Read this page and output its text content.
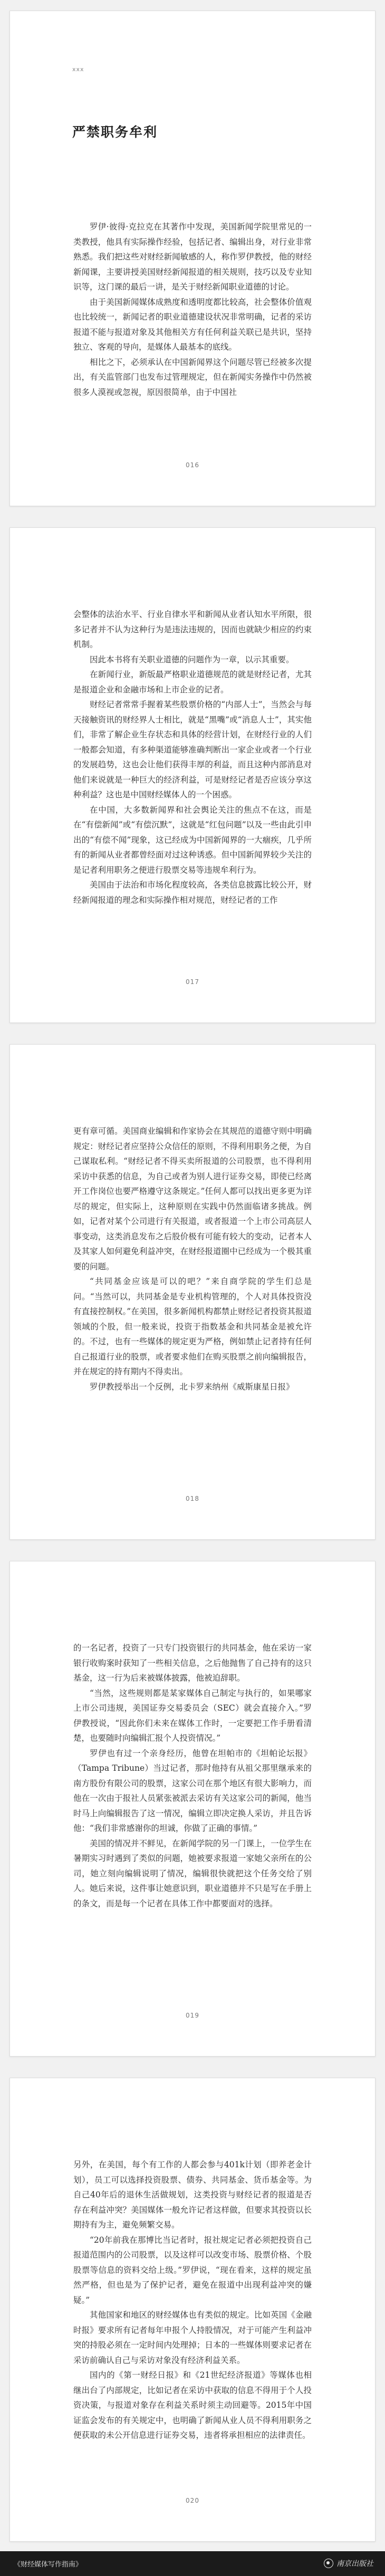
xxx
严禁职务牟利

罗伊·彼得·克拉克在其著作中发现，美国新闻学院里常见的一类教授，他具有实际操作经验，包括记者、编辑出身，对行业非常熟悉。我们把这些对财经新闻敏感的人，称作罗伊教授，他的财经新闻课，主要讲授美国财经新闻报道的相关规则，技巧以及专业知识等，这门课的最后一讲，是关于财经新闻职业道德的讨论。

由于美国新闻媒体成熟度和透明度都比较高，社会整体价值观也比较统一，新闻记者的职业道德建设状况非常明确，记者的采访报道不能与报道对象及其他相关方有任何利益关联已是共识，坚持独立、客观的导向，是媒体人最基本的底线。

相比之下，必须承认在中国新闻界这个问题尽管已经被多次提出，有关监管部门也发布过管理规定，但在新闻实务操作中仍然被很多人漠视或忽视，原因很简单，由于中国社

016

会整体的法治水平、行业自律水平和新闻从业者认知水平所限，很多记者并不认为这种行为是违法违规的，因而也就缺少相应的约束机制。

因此本书将有关职业道德的问题作为一章，以示其重要。

在新闻行业，新版最严格职业道德规范的就是财经记者，尤其是报道企业和金融市场和上市企业的记者。

财经记者常常手握着某些股票价格的“内部人士”，当然会与每天接触资讯的财经界人士相比，就是“黑嘴”或“消息人士”，其实他们，非常了解企业生存状态和具体的经营计划，在财经行业的人们一般都会知道，有多种渠道能够准确判断出一家企业或者一个行业的发展趋势，这也会让他们获得丰厚的利益，而且这种内部消息对他们来说就是一种巨大的经济利益，可是财经记者是否应该分享这种利益？这也是中国财经媒体人的一个困惑。

在中国，大多数新闻界和社会舆论关注的焦点不在这，而是在“有偿新闻”或“有偿沉默”，这就是“红包问题”以及一些由此引申出的“有偿不闻”现象，这已经成为中国新闻界的一大痼疾，几乎所有的新闻从业者都曾经面对过这种诱惑。但中国新闻界较少关注的是记者利用职务之便进行股票交易等违规牟利行为。

美国由于法治和市场化程度较高，各类信息披露比较公开，财经新闻报道的理念和实际操作相对规范，财经记者的工作

017

更有章可循。美国商业编辑和作家协会在其规范的道德守则中明确规定：财经记者应坚持公众信任的原则，不得利用职务之便，为自己谋取私利。“财经记者不得买卖所报道的公司股票，也不得利用采访中获悉的信息，为自己或者为别人进行证券交易，即使已经离开工作岗位也要严格遵守这条规定。”任何人都可以找出更多更为详尽的规定，但实际上，这种原则在实践中仍然面临诸多挑战。例如，记者对某个公司进行有关报道，或者报道一个上市公司高层人事变动，这类消息发布之后股价极有可能有较大的变动，记者本人及其家人如何避免利益冲突，在财经报道圈中已经成为一个极其重要的问题。

“共同基金应该是可以的吧？”来自商学院的学生们总是问。“当然可以，共同基金是专业机构管理的，个人对具体投资没有直接控制权。”在美国，很多新闻机构都禁止财经记者投资其报道领域的个股，但一般来说，投资于指数基金和共同基金是被允许的。不过，也有一些媒体的规定更为严格，例如禁止记者持有任何自己报道行业的股票，或者要求他们在购买股票之前向编辑报告，并在规定的持有期内不得卖出。

罗伊教授举出一个反例，北卡罗来纳州《威斯康星日报》

018

的一名记者，投资了一只专门投资银行的共同基金，他在采访一家银行收购案时获知了一些相关信息，之后他抛售了自己持有的这只基金，这一行为后来被媒体披露，他被迫辞职。

“当然，这些规则都是某家媒体自己制定与执行的，如果哪家上市公司违规，美国证券交易委员会（SEC）就会直接介入。”罗伊教授说，“因此你们未来在媒体工作时，一定要把工作手册看清楚，也要随时向编辑汇报个人投资情况。”

罗伊也有过一个亲身经历，他曾在坦帕市的《坦帕论坛报》（Tampa Tribune）当过记者，那时他持有从祖父那里继承来的南方股份有限公司的股票，这家公司在那个地区有很大影响力，而他在一次由于报社人员紧张被派去采访有关这家公司的新闻，他当时马上向编辑报告了这一情况，编辑立即决定换人采访，并且告诉他：“我们非常感谢你的坦诚，你做了正确的事情。”

美国的情况并不鲜见，在新闻学院的另一门课上，一位学生在暑期实习时遇到了类似的问题，她被要求报道一家她父亲所在的公司，她立刻向编辑说明了情况，编辑很快就把这个任务交给了别人。她后来说，这件事让她意识到，职业道德并不只是写在手册上的条文，而是每一个记者在具体工作中都要面对的选择。

019

另外，在美国，每个有工作的人都会参与401k计划（即养老金计划），员工可以选择投资股票、债券、共同基金、货币基金等。为自己40年后的退休生活做规划，这类投资与财经记者的报道是否存在利益冲突？美国媒体一般允许记者这样做，但要求其投资以长期持有为主，避免频繁交易。

“20年前我在那博比当记者时，报社规定记者必须把投资自己报道范围内的公司股票，以及这样可以改变市场、股票价格、个股股票等信息的资料交给上级。”罗伊说，“现在看来，这样的规定虽然严格，但也是为了保护记者，避免在报道中出现利益冲突的嫌疑。”

其他国家和地区的财经媒体也有类似的规定。比如英国《金融时报》要求所有记者每年申报个人持股情况，对于可能产生利益冲突的持股必须在一定时间内处理掉；日本的一些媒体则要求记者在采访前确认自己与采访对象没有经济利益关系。

国内的《第一财经日报》和《21世纪经济报道》等媒体也相继出台了内部规定，比如记者在采访中获取的信息不得用于个人投资决策，与报道对象存在利益关系时须主动回避等。2015年中国证监会发布的有关规定中，也明确了新闻从业人员不得利用职务之便获取的未公开信息进行证券交易，违者将承担相应的法律责任。

020
《财经媒体写作指南》	南京出版社
